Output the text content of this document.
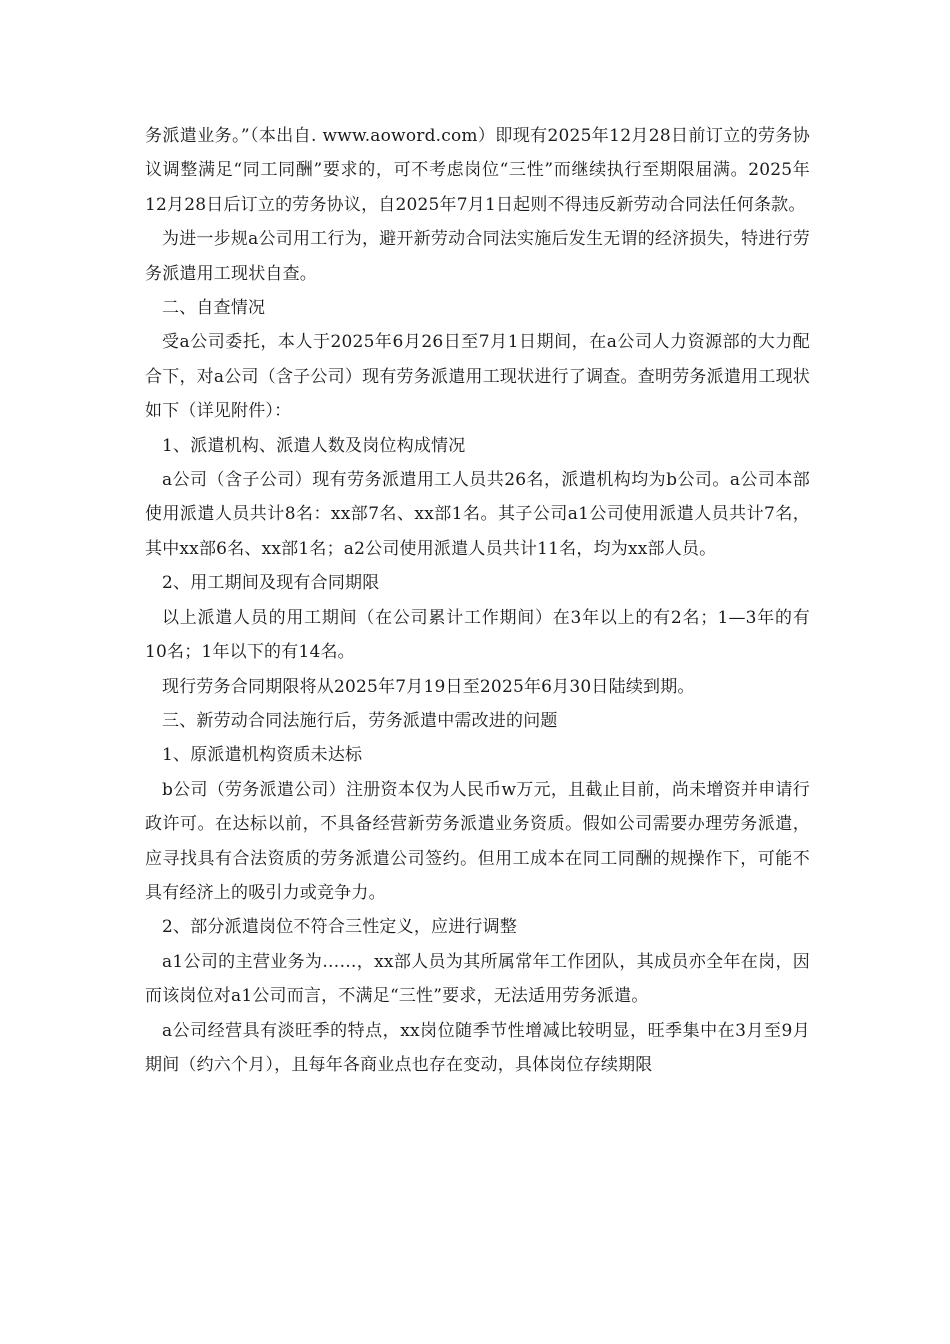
务派遣业务。”（本出自. www.aoword.com）即现有2025年12月28日前订立的劳务协议调整满足“同工同酬”要求的，可不考虑岗位“三性”而继续执行至期限届满。2025年12月28日后订立的劳务协议，自2025年7月1日起则不得违反新劳动合同法任何条款。

为进一步规a公司用工行为，避开新劳动合同法实施后发生无谓的经济损失，特进行劳务派遣用工现状自查。

二、自查情况

受a公司委托，本人于2025年6月26日至7月1日期间，在a公司人力资源部的大力配合下，对a公司（含子公司）现有劳务派遣用工现状进行了调查。查明劳务派遣用工现状如下（详见附件）：

1、派遣机构、派遣人数及岗位构成情况

a公司（含子公司）现有劳务派遣用工人员共26名，派遣机构均为b公司。a公司本部使用派遣人员共计8名：xx部7名、xx部1名。其子公司a1公司使用派遣人员共计7名，其中xx部6名、xx部1名；a2公司使用派遣人员共计11名，均为xx部人员。

2、用工期间及现有合同期限

以上派遣人员的用工期间（在公司累计工作期间）在3年以上的有2名；1—3年的有10名；1年以下的有14名。

现行劳务合同期限将从2025年7月19日至2025年6月30日陆续到期。

三、新劳动合同法施行后，劳务派遣中需改进的问题

1、原派遣机构资质未达标

b公司（劳务派遣公司）注册资本仅为人民币w万元，且截止目前，尚未增资并申请行政许可。在达标以前，不具备经营新劳务派遣业务资质。假如公司需要办理劳务派遣，应寻找具有合法资质的劳务派遣公司签约。但用工成本在同工同酬的规操作下，可能不具有经济上的吸引力或竞争力。

2、部分派遣岗位不符合三性定义，应进行调整

a1公司的主营业务为……，xx部人员为其所属常年工作团队，其成员亦全年在岗，因而该岗位对a1公司而言，不满足“三性”要求，无法适用劳务派遣。

a公司经营具有淡旺季的特点，xx岗位随季节性增减比较明显，旺季集中在3月至9月期间（约六个月），且每年各商业点也存在变动，具体岗位存续期限
